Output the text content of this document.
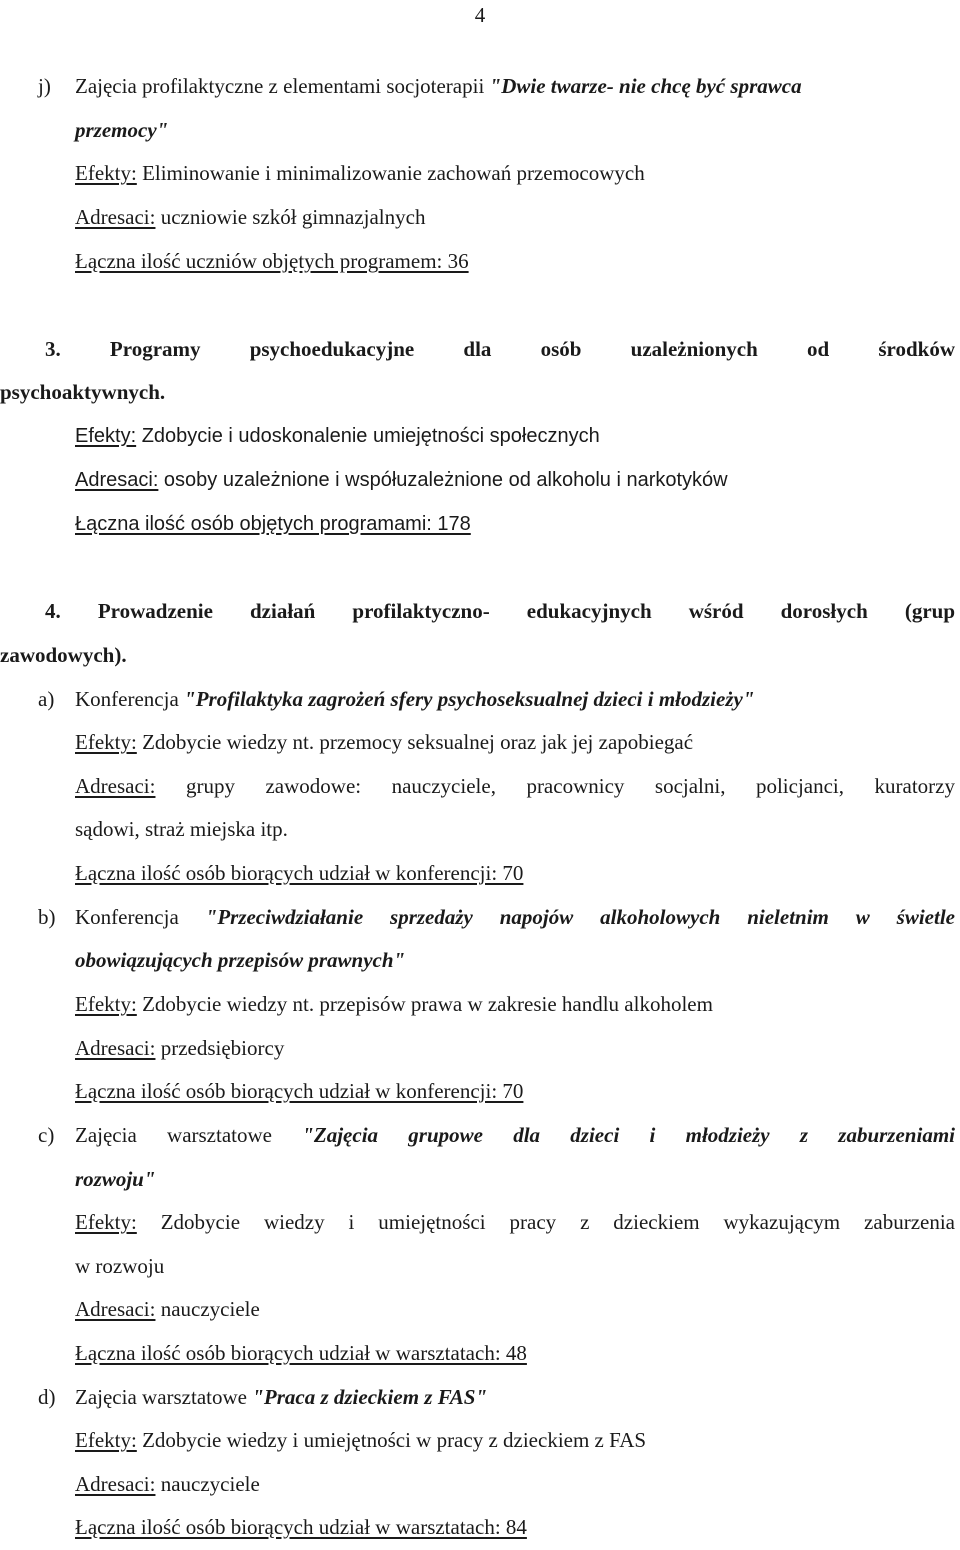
4
j)	Zajęcia profilaktyczne z elementami socjoterapii "Dwie twarze- nie chcę być sprawca
przemocy"
Efekty: Eliminowanie i minimalizowanie zachowań przemocowych
Adresaci: uczniowie szkół gimnazjalnych
Łączna ilość uczniów objętych programem: 36
3. Programy psychoedukacyjne dla osób uzależnionych od środków
psychoaktywnych.
Efekty: Zdobycie i udoskonalenie umiejętności społecznych
Adresaci: osoby uzależnione i współuzależnione od alkoholu i narkotyków
Łączna ilość osób objętych programami: 178
4. Prowadzenie działań profilaktyczno- edukacyjnych wśród dorosłych (grup
zawodowych).
a) Konferencja "Profilaktyka zagrożeń sfery psychoseksualnej dzieci i młodzieży"
Efekty: Zdobycie wiedzy nt. przemocy seksualnej oraz jak jej zapobiegać
Adresaci: grupy zawodowe: nauczyciele, pracownicy socjalni, policjanci, kuratorzy
sądowi, straż miejska itp.
Łączna ilość osób biorących udział w konferencji: 70
b) Konferencja "Przeciwdziałanie sprzedaży napojów alkoholowych nieletnim w świetle
obowiązujących przepisów prawnych"
Efekty: Zdobycie wiedzy nt. przepisów prawa w zakresie handlu alkoholem
Adresaci: przedsiębiorcy
Łączna ilość osób biorących udział w konferencji: 70
c) Zajęcia warsztatowe "Zajęcia grupowe dla dzieci i młodzieży z zaburzeniami
rozwoju"
Efekty: Zdobycie wiedzy i umiejętności pracy z dzieckiem wykazującym zaburzenia
w rozwoju
Adresaci: nauczyciele
Łączna ilość osób biorących udział w warsztatach: 48
d) Zajęcia warsztatowe "Praca z dzieckiem z FAS"
Efekty: Zdobycie wiedzy i umiejętności w pracy z dzieckiem z FAS
Adresaci: nauczyciele
Łączna ilość osób biorących udział w warsztatach: 84
